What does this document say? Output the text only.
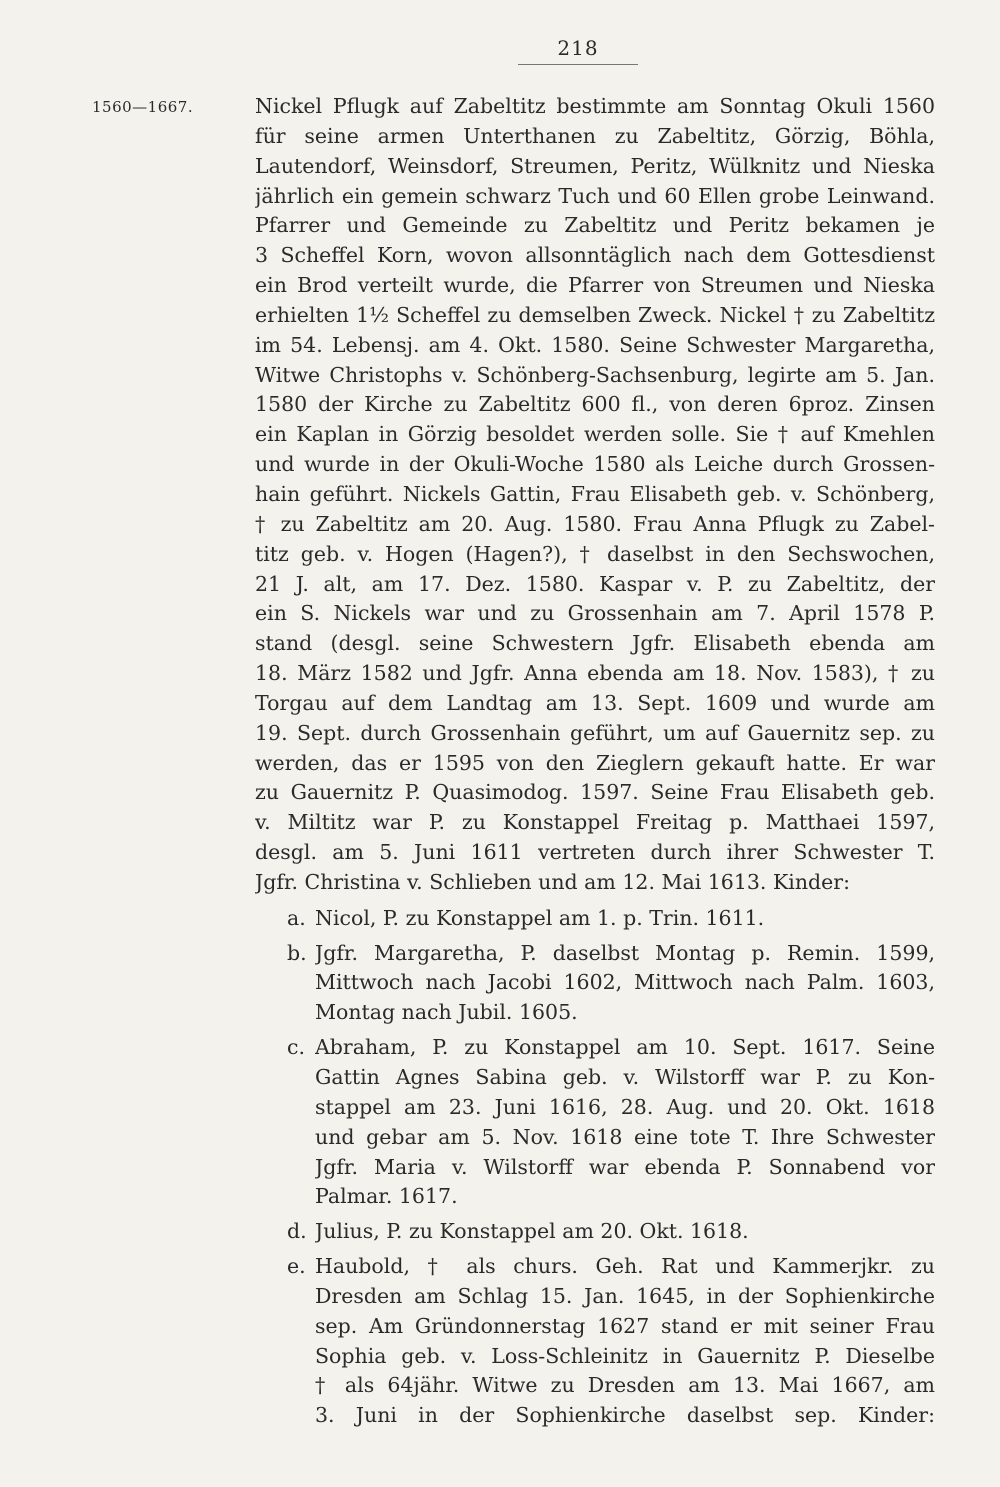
218
1560—1667.	Nickel Pflugk auf Zabeltitz bestimmte am Sonntag Okuli 1560
für seine armen Unterthanen zu Zabeltitz, Görzig, Böhla,
Lautendorf, Weinsdorf, Streumen, Peritz, Wülknitz und Nieska
jährlich ein gemein schwarz Tuch und 60 Ellen grobe Leinwand.
Pfarrer und Gemeinde zu Zabeltitz und Peritz bekamen je
3 Scheffel Korn, wovon allsonntäglich nach dem Gottesdienst
ein Brod verteilt wurde, die Pfarrer von Streumen und Nieska
erhielten 1½ Scheffel zu demselben Zweck. Nickel † zu Zabeltitz
im 54. Lebensj. am 4. Okt. 1580. Seine Schwester Margaretha,
Witwe Christophs v. Schönberg-Sachsenburg, legirte am 5. Jan.
1580 der Kirche zu Zabeltitz 600 fl., von deren 6proz. Zinsen
ein Kaplan in Görzig besoldet werden solle. Sie † auf Kmehlen
und wurde in der Okuli-Woche 1580 als Leiche durch Grossen-
hain geführt. Nickels Gattin, Frau Elisabeth geb. v. Schönberg,
† zu Zabeltitz am 20. Aug. 1580. Frau Anna Pflugk zu Zabel-
titz geb. v. Hogen (Hagen?), † daselbst in den Sechswochen,
21 J. alt, am 17. Dez. 1580. Kaspar v. P. zu Zabeltitz, der
ein S. Nickels war und zu Grossenhain am 7. April 1578 P.
stand (desgl. seine Schwestern Jgfr. Elisabeth ebenda am
18. März 1582 und Jgfr. Anna ebenda am 18. Nov. 1583), † zu
Torgau auf dem Landtag am 13. Sept. 1609 und wurde am
19. Sept. durch Grossenhain geführt, um auf Gauernitz sep. zu
werden, das er 1595 von den Zieglern gekauft hatte. Er war
zu Gauernitz P. Quasimodog. 1597. Seine Frau Elisabeth geb.
v. Miltitz war P. zu Konstappel Freitag p. Matthaei 1597,
desgl. am 5. Juni 1611 vertreten durch ihrer Schwester T.
Jgfr. Christina v. Schlieben und am 12. Mai 1613. Kinder:
a. Nicol, P. zu Konstappel am 1. p. Trin. 1611.
b. Jgfr. Margaretha, P. daselbst Montag p. Remin. 1599,
Mittwoch nach Jacobi 1602, Mittwoch nach Palm. 1603,
Montag nach Jubil. 1605.
c. Abraham, P. zu Konstappel am 10. Sept. 1617. Seine
Gattin Agnes Sabina geb. v. Wilstorff war P. zu Kon-
stappel am 23. Juni 1616, 28. Aug. und 20. Okt. 1618
und gebar am 5. Nov. 1618 eine tote T. Ihre Schwester
Jgfr. Maria v. Wilstorff war ebenda P. Sonnabend vor
Palmar. 1617.
d. Julius, P. zu Konstappel am 20. Okt. 1618.
e. Haubold, † als churs. Geh. Rat und Kammerjkr. zu
Dresden am Schlag 15. Jan. 1645, in der Sophienkirche
sep. Am Gründonnerstag 1627 stand er mit seiner Frau
Sophia geb. v. Loss-Schleinitz in Gauernitz P. Dieselbe
† als 64jähr. Witwe zu Dresden am 13. Mai 1667, am
3. Juni in der Sophienkirche daselbst sep. Kinder:
